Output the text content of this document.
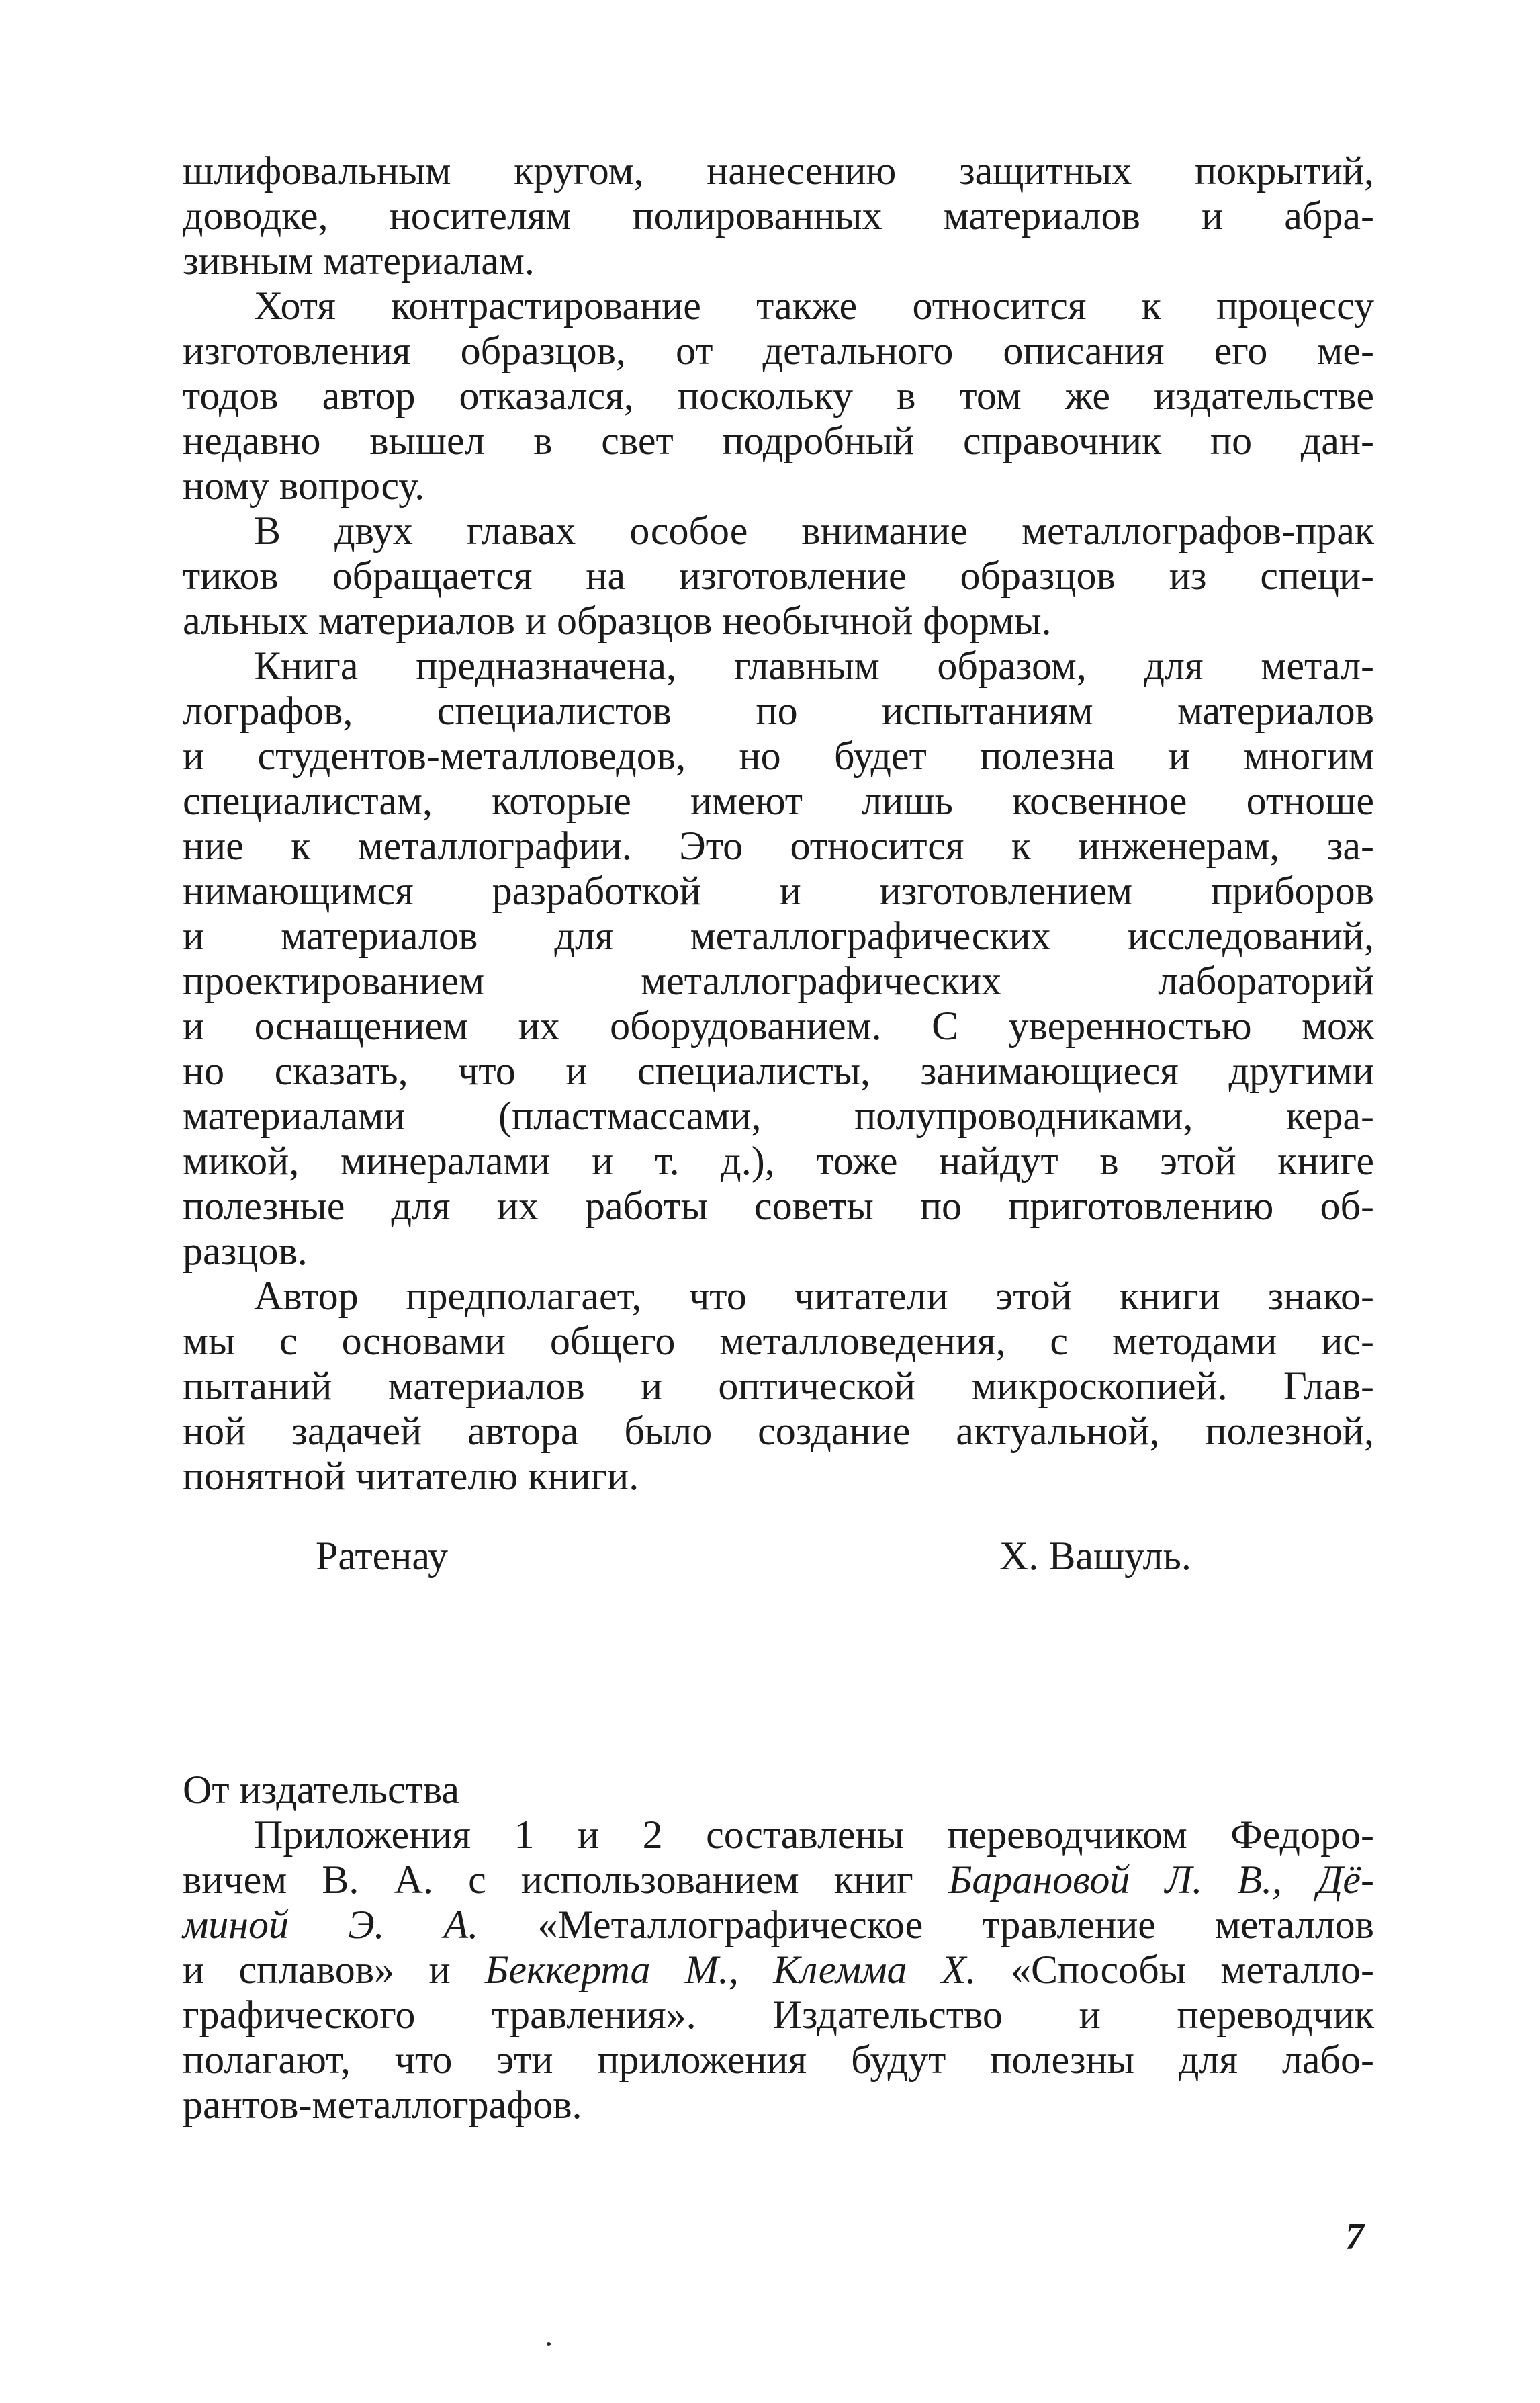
шлифовальным кругом, нанесению защитных покрытий,
доводке, носителям полированных материалов и абра-
зивным материалам.
Хотя контрастирование также относится к процессу
изготовления образцов, от детального описания его ме-
тодов автор отказался, поскольку в том же издательстве
недавно вышел в свет подробный справочник по дан-
ному вопросу.
В двух главах особое внимание металлографов-прак
тиков обращается на изготовление образцов из специ-
альных материалов и образцов необычной формы.
Книга предназначена, главным образом, для метал-
лографов, специалистов по испытаниям материалов
и студентов-металловедов, но будет полезна и многим
специалистам, которые имеют лишь косвенное отноше
ние к металлографии. Это относится к инженерам, за-
нимающимся разработкой и изготовлением приборов
и материалов для металлографических исследований,
проектированием металлографических лабораторий
и оснащением их оборудованием. С уверенностью мож
но сказать, что и специалисты, занимающиеся другими
материалами (пластмассами, полупроводниками, кера-
микой, минералами и т. д.), тоже найдут в этой книге
полезные для их работы советы по приготовлению об-
разцов.
Автор предполагает, что читатели этой книги знако-
мы с основами общего металловедения, с методами ис-
пытаний материалов и оптической микроскопией. Глав-
ной задачей автора было создание актуальной, полезной,
понятной читателю книги.
Ратенау	Х. Вашуль.
От издательства
Приложения 1 и 2 составлены переводчиком Федоро-
вичем В. А. с использованием книг Барановой Л. В., Дё-
миной Э. А. «Металлографическое травление металлов
и сплавов» и Беккерта М., Клемма Х. «Способы металло-
графического травления». Издательство и переводчик
полагают, что эти приложения будут полезны для лабо-
рантов-металлографов.
7
